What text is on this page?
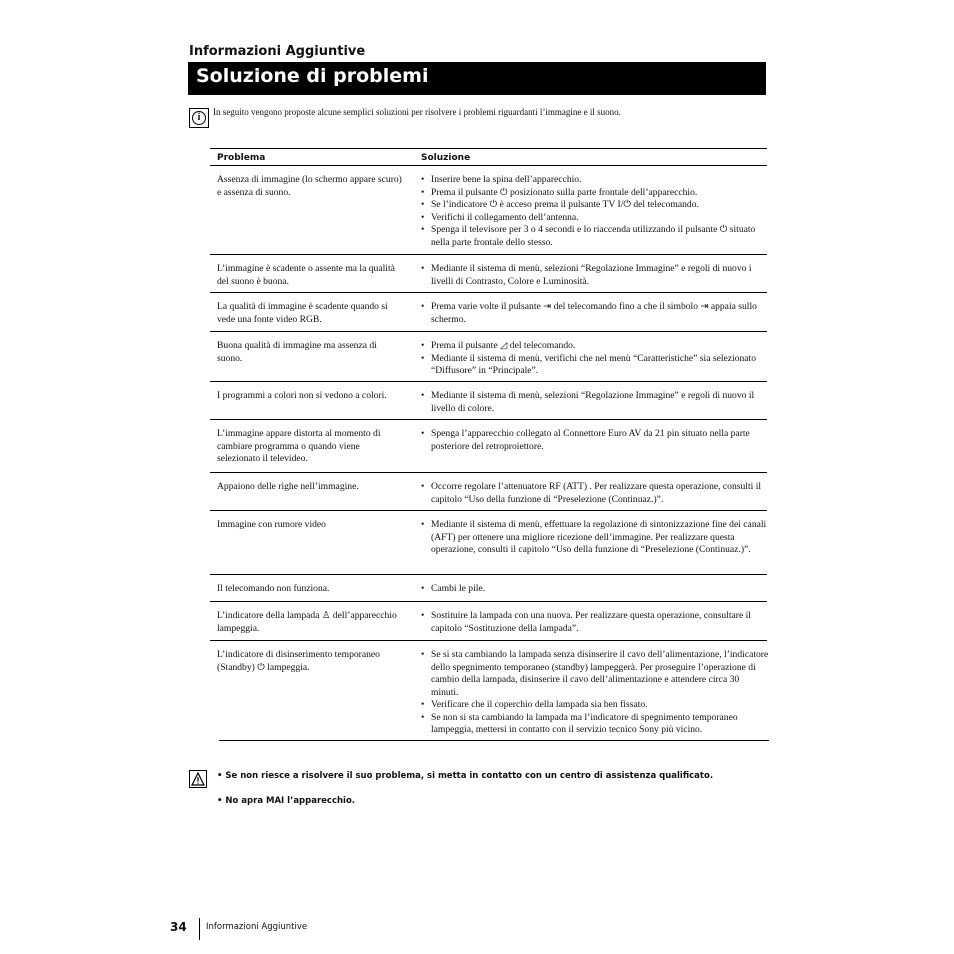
Informazioni Aggiuntive
Soluzione di problemi
i	In seguito vengono proposte alcune semplici soluzioni per risolvere i problemi riguardanti l’immagine e il suono.
Problema	Soluzione
Assenza di immagine (lo schermo appare scuro) e assenza di suono.
• Inserire bene la spina dell’apparecchio.
• Prema il pulsante ⏻ posizionato sulla parte frontale dell’apparecchio.
• Se l’indicatore ⏻ è acceso prema il pulsante TV I/⏻ del telecomando.
• Verifichi il collegamento dell’antenna.
• Spenga il televisore per 3 o 4 secondi e lo riaccenda utilizzando il pulsante ⏻ situato nella parte frontale dello stesso.
L’immagine è scadente o assente ma la qualità del suono è buona.
• Mediante il sistema di menù, selezioni “Regolazione Immagine” e regoli di nuovo i livelli di Contrasto, Colore e Luminosità.
La qualità di immagine è scadente quando si vede una fonte video RGB.
• Prema varie volte il pulsante ⇥ del telecomando fino a che il simbolo ⇥ appaia sullo schermo.
Buona qualità di immagine ma assenza di suono.
• Prema il pulsante ◿ del telecomando.
• Mediante il sistema di menù, verifichi che nel menù “Caratteristiche” sia selezionato “Diffusore” in “Principale”.
I programmi a colori non si vedono a colori.	• Mediante il sistema di menù, selezioni “Regolazione Immagine” e regoli di nuovo il livello di colore.
L’immagine appare distorta al momento di cambiare programma o quando viene selezionato il televideo.
• Spenga l’apparecchio collegato al Connettore Euro AV da 21 pin situato nella parte posteriore del retroproiettore.
Appaiono delle righe nell’immagine.	• Occorre regolare l’attenuatore RF (ATT) . Per realizzare questa operazione, consulti il capitolo “Uso della funzione di “Preselezione (Continuaz.)”.
Immagine con rumore video	• Mediante il sistema di menù, effettuare la regolazione di sintonizzazione fine dei canali (AFT) per ottenere una migliore ricezione dell’immagine. Per realizzare questa operazione, consulti il capitolo “Uso della funzione di “Preselezione (Continuaz.)”.
Il telecomando non funziona.	• Cambi le pile.
L’indicatore della lampada ♙ dell’apparecchio lampeggia.
• Sostituire la lampada con una nuova. Per realizzare questa operazione, consultare il capitolo “Sostituzione della lampada”.
L’indicatore di disinserimento temporaneo (Standby) ⏻ lampeggia.
• Se si sta cambiando la lampada senza disinserire il cavo dell’alimentazione, l’indicatore dello spegnimento temporaneo (standby) lampeggerà. Per proseguire l’operazione di cambio della lampada, disinserire il cavo dell’alimentazione e attendere circa 30 minuti.
• Verificare che il coperchio della lampada sia ben fissato.
• Se non si sta cambiando la lampada ma l’indicatore di spegnimento temporaneo lampeggia, mettersi in contatto con il servizio tecnico Sony più vicino.
• Se non riesce a risolvere il suo problema, si metta in contatto con un centro di assistenza qualificato.
• No apra MAI l’apparecchio.
34 Informazioni Aggiuntive
